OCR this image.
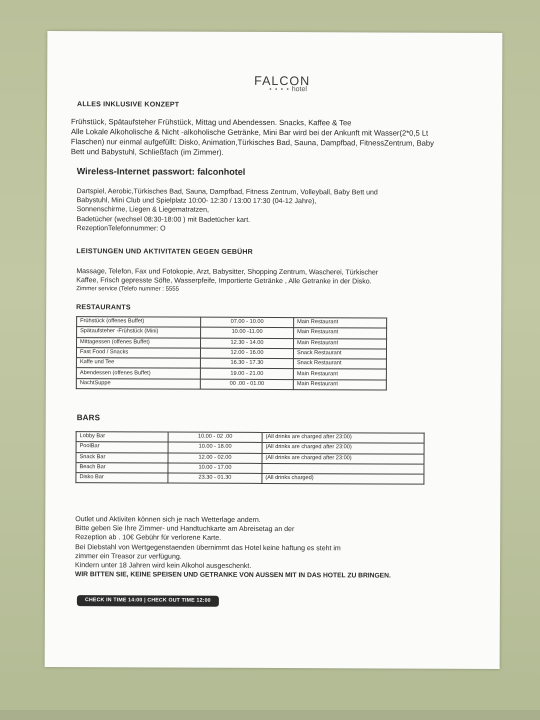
FALCON
• • • • hotel
ALLES INKLUSIVE KONZEPT
Frühstück, Spätaufsteher Frühstück, Mittag und Abendessen. Snacks, Kaffee & Tee
Alle Lokale Alkoholische & Nicht -alkoholische Getränke, Mini Bar wird bei der Ankunft mit Wasser(2*0,5 Lt
Flaschen) nur einmal aufgefüllt: Disko, Animation,Türkisches Bad, Sauna, Dampfbad, FitnessZentrum, Baby
Bett und Babystuhl, Schließfach (im Zimmer).
Wireless-Internet passwort: falconhotel
Dartspiel, Aerobic,Türkisches Bad, Sauna, Dampfbad, Fitness Zentrum, Volleyball, Baby Bett und
Babystuhl, Mini Club und Spielplatz 10:00- 12:30 / 13:00 17:30 (04-12 Jahre),
Sonnenschirme, Liegen & Liegematratzen,
Badetücher (wechsel 08:30-18:00 ) mit Badetücher kart.
RezeptionTelefonnummer: O
LEISTUNGEN UND AKTIVITATEN GEGEN GEBÜHR
Massage, Telefon, Fax und Fotokopie, Arzt, Babysitter, Shopping Zentrum, Wascherei, Türkischer
Kaffee, Frisch gepresste Söfte, Wasserpfeife, Importierte Getränke , Alle Getranke in der Disko.
Zimmer service (Telefo nummer : 5555
RESTAURANTS
Frühstück (offenes Buffet)	07.00 - 10.00	Main Restaurant
Spätaufsteher -Frühstück (Mini)	10.00 -11.00	Main Restaurant
Mittagessen (offenes Buffet)	12.30 - 14.00	Main Restaurant
Fast Food / Snacks	12.00 - 16.00	Snack Restaurant
Kaffe und Tee	16.30 - 17.30	Snack Restaurant
Abendessen (offenes Buffet)	19.00 - 21.00	Main Restaurant
NachtSuppe	00 .00 - 01.00	Main Restaurant
BARS
Lobby Bar	10.00 - 02 .00	(All drinks are charged after 23:00)
PoolBar	10.00 - 18.00	(All drinks are charged after 23:00)
Snack Bar	12.00 - 02.00	(All drinks are charged after 23:00)
Beach Bar	10.00 - 17.00	
Disko Bar	23.30 - 01.30	(All drinks charged)
Outlet und Aktiviten können sich je nach Wetterlage andern.
Bitte geben Sie Ihre Zimmer- und Handtuchkarte am Abreisetag an der
Rezeption ab . 10€ Gebühr für verlorene Karte.
Bei Diebstahl von Wertgegenstaenden übernimmt das Hotel keine haftung es steht im
zimmer ein Treasor zur verfügung.
Kindern unter 18 Jahren wird kein Alkohol ausgeschenkt.
WIR BITTEN SIE, KEINE SPEISEN UND GETRANKE VON AUSSEN MIT IN DAS HOTEL ZU BRINGEN.
CHECK IN TIME 14:00 | CHECK OUT TIME 12:00
